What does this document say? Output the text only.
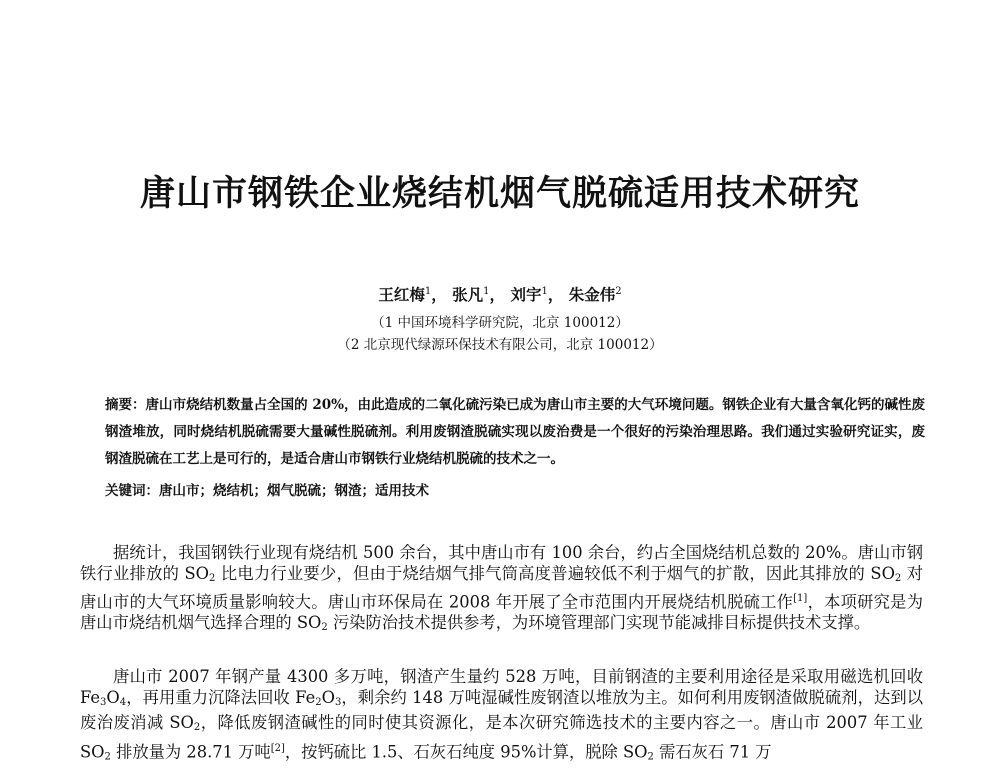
唐山市钢铁企业烧结机烟气脱硫适用技术研究

王红梅$^1$， 张凡$^1$， 刘宇$^1$， 朱金伟$^2$

（1 中国环境科学研究院，北京 100012）

（2 北京现代绿源环保技术有限公司，北京 100012）

摘要：唐山市烧结机数量占全国的 20%，由此造成的二氧化硫污染已成为唐山市主要的大气环境问题。钢铁企业有大量含氧化钙的碱性废钢渣堆放，同时烧结机脱硫需要大量碱性脱硫剂。利用废钢渣脱硫实现以废治费是一个很好的污染治理思路。我们通过实验研究证实，废钢渣脱硫在工艺上是可行的，是适合唐山市钢铁行业烧结机脱硫的技术之一。

关键词：唐山市；烧结机；烟气脱硫；钢渣；适用技术

据统计，我国钢铁行业现有烧结机 500 余台，其中唐山市有 100 余台，约占全国烧结机总数的 20%。唐山市钢铁行业排放的 $SO_2$ 比电力行业要少，但由于烧结烟气排气筒高度普遍较低不利于烟气的扩散，因此其排放的 $SO_2$ 对唐山市的大气环境质量影响较大。唐山市环保局在 2008 年开展了全市范围内开展烧结机脱硫工作[1]，本项研究是为唐山市烧结机烟气选择合理的 $SO_2$ 污染防治技术提供参考，为环境管理部门实现节能减排目标提供技术支撑。

唐山市 2007 年钢产量 4300 多万吨，钢渣产生量约 528 万吨，目前钢渣的主要利用途径是采取用磁选机回收 $Fe_3O_4$，再用重力沉降法回收 $Fe_2O_3$，剩余约 148 万吨湿碱性废钢渣以堆放为主。如何利用废钢渣做脱硫剂，达到以废治废消减 $SO_2$，降低废钢渣碱性的同时使其资源化，是本次研究筛选技术的主要内容之一。唐山市 2007 年工业 $SO_2$ 排放量为 28.71 万吨[2]，按钙硫比 1.5、石灰石纯度 95%计算，脱除 $SO_2$ 需石灰石 71 万
